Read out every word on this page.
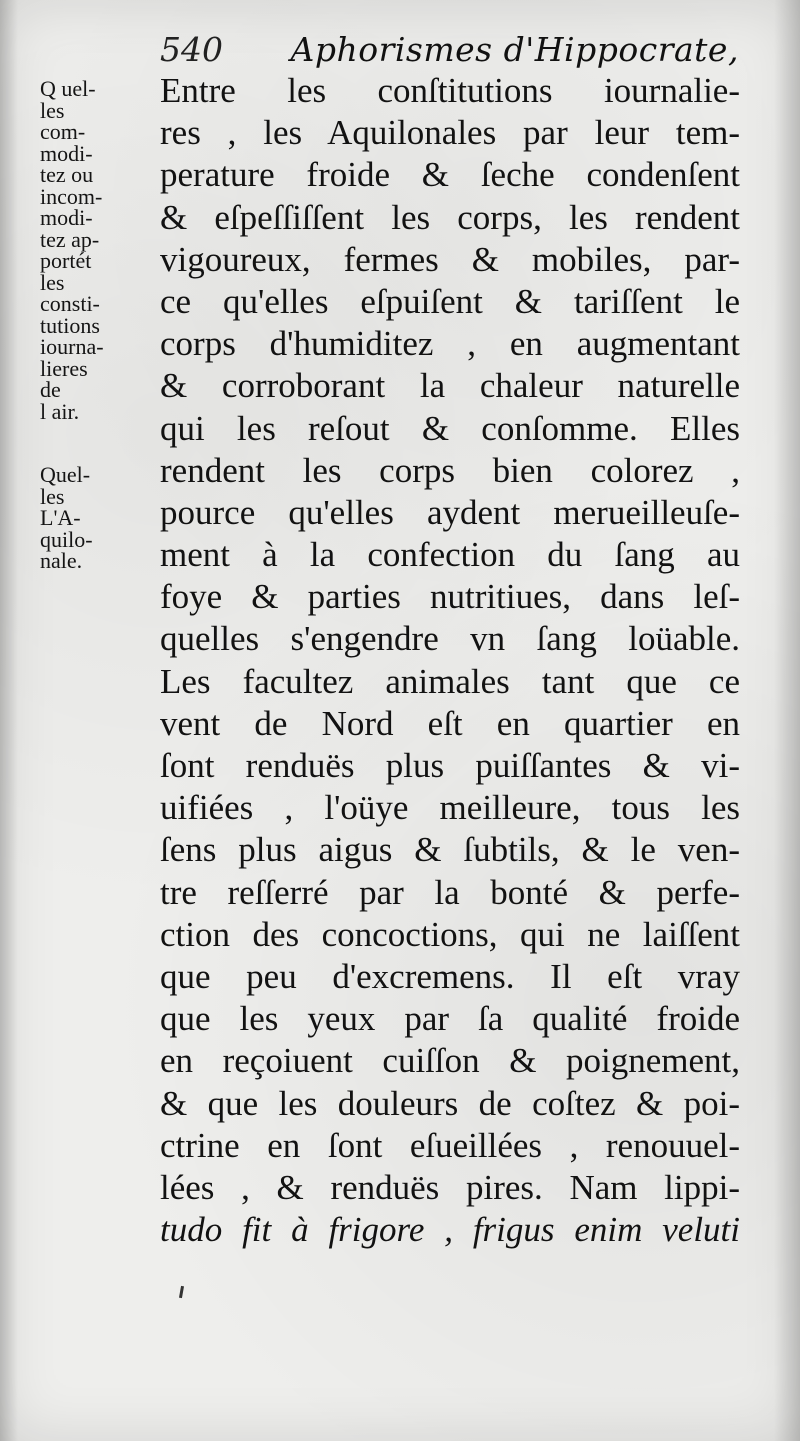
540 Aphorismes d'Hippocrate,
Q uel-
les
com-
modi-
tez ou
incom-
modi-
tez ap-
portét
les
consti-
tutions
iourna-
lieres
de
l air.
Quel-
les
L'A-
quilo-
nale.
Entre les conſtitutions iournalie-
res , les Aquilonales par leur tem-
perature froide & ſeche condenſent
& eſpeſſiſſent les corps, les rendent
vigoureux, fermes & mobiles, par-
ce qu'elles eſpuiſent & tariſſent le
corps d'humiditez , en augmentant
& corroborant la chaleur naturelle
qui les reſout & conſomme. Elles
rendent les corps bien colorez ,
pource qu'elles aydent merueilleuſe-
ment à la confection du ſang au
foye & parties nutritiues, dans leſ-
quelles s'engendre vn ſang loüable.
Les facultez animales tant que ce
vent de Nord eſt en quartier en
ſont renduës plus puiſſantes & vi-
uifiées , l'oüye meilleure, tous les
ſens plus aigus & ſubtils, & le ven-
tre reſſerré par la bonté & perfe-
ction des concoctions, qui ne laiſſent
que peu d'excremens. Il eſt vray
que les yeux par ſa qualité froide
en reçoiuent cuiſſon & poignement,
& que les douleurs de coſtez & poi-
ctrine en ſont eſueillées , renouuel-
lées , & renduës pires. Nam lippi-
tudo fit à frigore , frigus enim veluti
